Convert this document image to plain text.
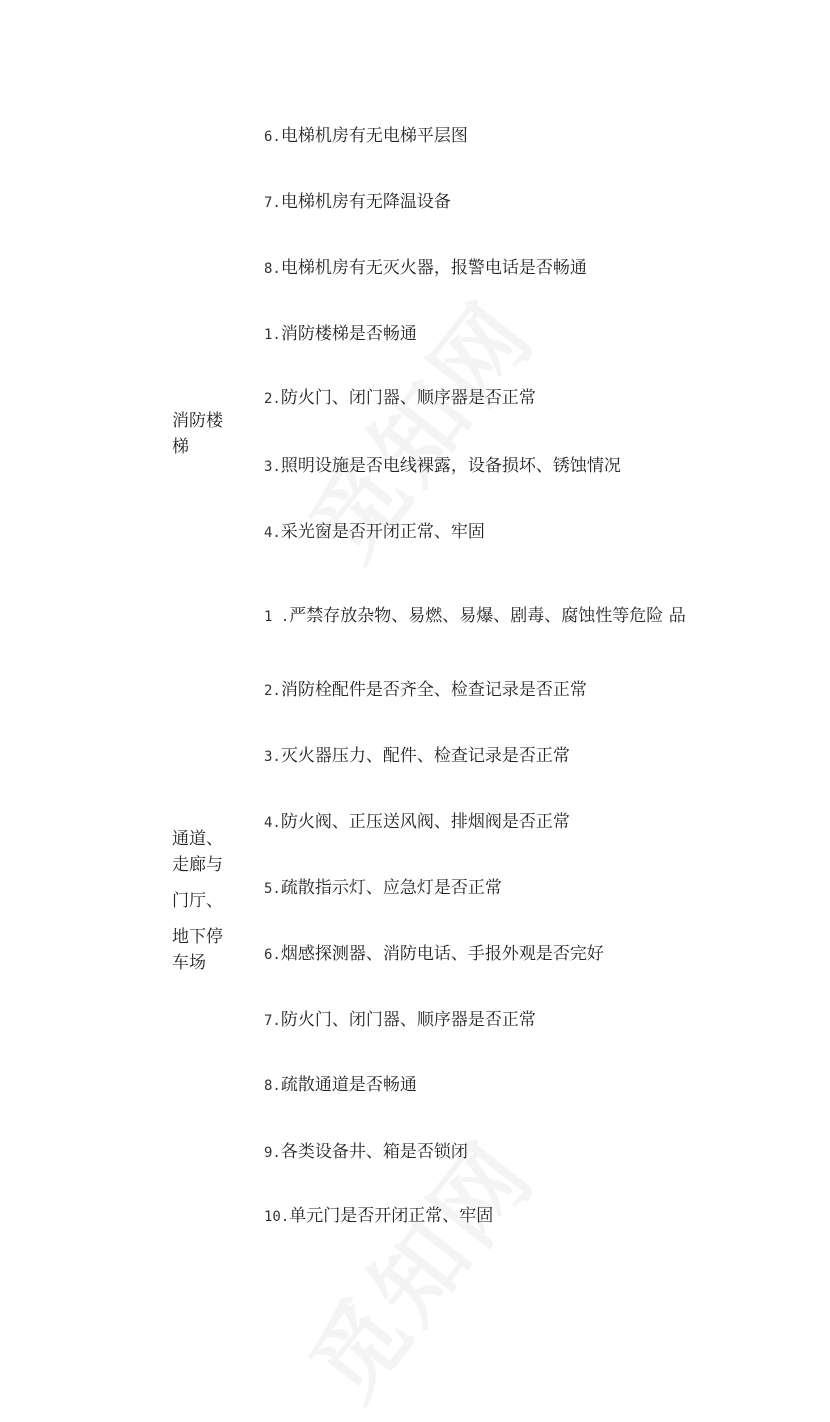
6.电梯机房有无电梯平层图
7.电梯机房有无降温设备
8.电梯机房有无灭火器，报警电话是否畅通
消防楼
梯
1.消防楼梯是否畅通
2.防火门、闭门器、顺序器是否正常
3.照明设施是否电线裸露，设备损坏、锈蚀情况
4.采光窗是否开闭正常、牢固
通道、
走廊与
门厅、
地下停
车场
1 .严禁存放杂物、易燃、易爆、剧毒、腐蚀性等危险 品
2.消防栓配件是否齐全、检查记录是否正常
3.灭火器压力、配件、检查记录是否正常
4.防火阀、正压送风阀、排烟阀是否正常
5.疏散指示灯、应急灯是否正常
6.烟感探测器、消防电话、手报外观是否完好
7.防火门、闭门器、顺序器是否正常
8.疏散通道是否畅通
9.各类设备井、箱是否锁闭
10.单元门是否开闭正常、牢固
